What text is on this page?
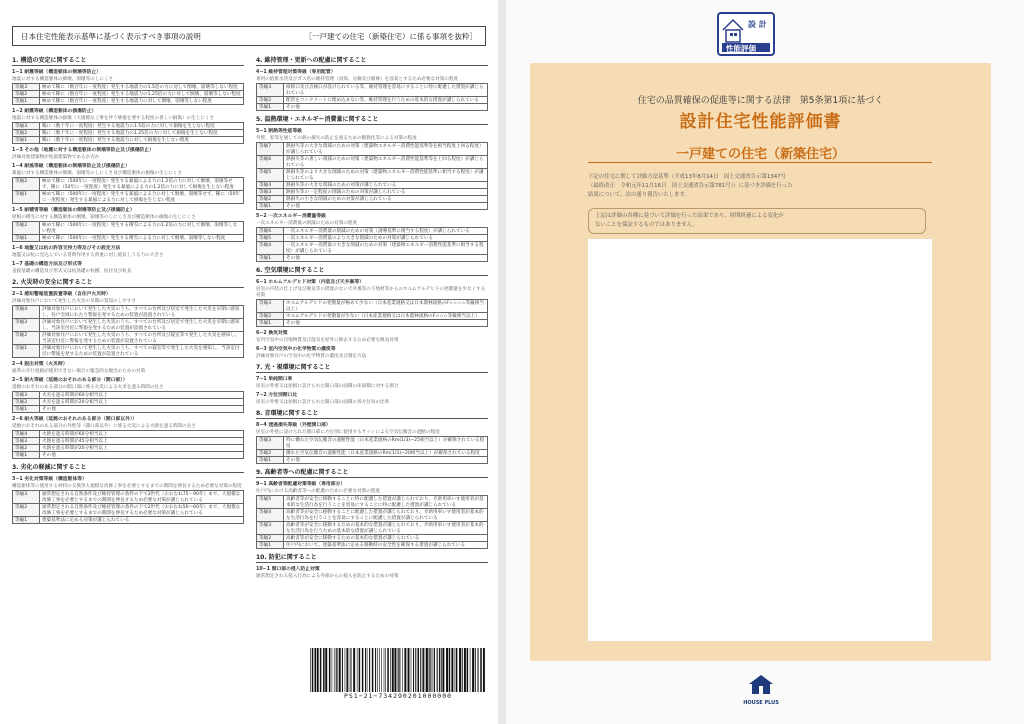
日本住宅性能表示基準に基づく表示すべき事項の説明	［一戸建ての住宅（新築住宅）に係る事項を抜粋］
1. 構造の安定に関すること
1−1 耐震等級（構造躯体の倒壊等防止）
地震に対する構造躯体の倒壊、崩壊等のしにくさ
等級3	極めて稀に（数百年に一度程度）発生する地震力の1.5倍の力に対して倒壊、崩壊等しない程度
等級2	極めて稀に（数百年に一度程度）発生する地震力の1.25倍の力に対して倒壊、崩壊等しない程度
等級1	極めて稀に（数百年に一度程度）発生する地震力に対して倒壊、崩壊等しない程度
1−2 耐震等級（構造躯体の損傷防止）
地震に対する構造躯体の損傷（大規模な工事を伴う修復を要する程度の著しい損傷）の生じにくさ
等級3	稀に（数十年に一度程度）発生する地震力の1.5倍の力に対して損傷を生じない程度
等級2	稀に（数十年に一度程度）発生する地震力の1.25倍の力に対して損傷を生じない程度
等級1	稀に（数十年に一度程度）発生する地震力に対して損傷を生じない程度
1−3 その他（地震に対する構造躯体の倒壊等防止及び損傷防止）
評価対象建築物が免震建築物であるか否か
1−4 耐風等級（構造躯体の倒壊等防止及び損傷防止）
暴風に対する構造躯体の倒壊、崩壊等のしにくさ及び構造躯体の損傷の生じにくさ
等級2	極めて稀に（500年に一度程度）発生する暴風による力の1.2倍の力に対して倒壊、崩壊等せず、稀に（50年に一度程度）発生する暴風による力の1.2倍の力に対して損傷を生じない程度
等級1	極めて稀に（500年に一度程度）発生する暴風による力に対して倒壊、崩壊等せず、稀に（50年に一度程度）発生する暴風による力に対して損傷を生じない程度
1−5 耐積雪等級（構造躯体の倒壊等防止及び損傷防止）
屋根の積雪に対する構造躯体の倒壊、崩壊等のしにくさ及び構造躯体の損傷の生じにくさ
等級2	極めて稀に（500年に一度程度）発生する積雪による力の1.2倍の力に対して倒壊、崩壊等しない程度
等級1	極めて稀に（500年に一度程度）発生する積雪による力に対して倒壊、崩壊等しない程度
1−6 地盤又は杭の許容支持力等及びその設定方法
地盤又は杭に見込んでいる常時作用する荷重に対し抵抗しうる力の大きさ
1−7 基礎の構造方法及び形式等
直接基礎の構造及び形式又は杭基礎の杭種、杭径及び杭長
2. 火災時の安全に関すること
2−1 感知警報装置設置等級（自住戸火災時）
評価対象住戸において発生した火災の早期の覚知のしやすさ
等級4	評価対象住戸において発生した火災のうち、すべての台所及び居室で発生した火災を早期に感知し、住戸全域にわたり警報を発するための装置が設置されている
等級3	評価対象住戸において発生した火災のうち、すべての台所及び居室で発生した火災を早期に感知し、当該室付近に警報を発するための装置が設置されている
等級2	評価対象住戸において発生した火災のうち、すべての台所及び寝室等で発生した火災を感知し、当該室付近に警報を発するための装置が設置されている
等級1	評価対象住戸において発生した火災のうち、すべての寝室等で発生した火災を感知し、当該室付近に警報を発するための装置が設置されている
2−4 脱出対策（火災時）
通常の歩行経路が使用できない場合の緊急的な脱出のための対策
2−5 耐火等級（延焼のおそれのある部分（開口部））
延焼のおそれのある部分の開口部に係る火災による火炎を遮る時間の長さ
等級3	火炎を遮る時間が60分相当以上
等級2	火炎を遮る時間が20分相当以上
等級1	その他
2−6 耐火等級（延焼のおそれのある部分（開口部以外））
延焼のおそれのある部分の外壁等（開口部以外）に係る火災による火熱を遮る時間の長さ
等級4	火熱を遮る時間が60分相当以上
等級3	火熱を遮る時間が45分相当以上
等級2	火熱を遮る時間が20分相当以上
等級1	その他
3. 劣化の軽減に関すること
3−1 劣化対策等級（構造躯体等）
構造躯体等に使用する材料の交換等大規模な改修工事を必要とするまでの期間を伸長するため必要な対策の程度
等級3	通常想定される自然条件及び維持管理の条件の下で3世代（おおむね75〜90年）まで、大規模な改修工事を必要とするまでの期間を伸長するため必要な対策が講じられている
等級2	通常想定される自然条件及び維持管理の条件の下で2世代（おおむね50〜60年）まで、大規模な改修工事を必要とするまでの期間を伸長するため必要な対策が講じられている
等級1	建築基準法に定める対策が講じられている
4. 維持管理・更新への配慮に関すること
4−1 維持管理対策等級（専用配管）
専用の給排水管及びガス管の維持管理（清掃、点検及び補修）を容易とするため必要な対策の程度
等級3	掃除口及び点検口が設けられている等、維持管理を容易にすることに特に配慮した措置が講じられている
等級2	配管をコンクリートに埋め込まない等、維持管理を行うための基本的な措置が講じられている
等級1	その他
5. 温熱環境・エネルギー消費量に関すること
5−1 断熱等性能等級
外壁、窓等を通しての熱の損失の防止を図るための断熱化等による対策の程度
等級7	熱損失等の大きな削減のための対策（建築物エネルギー消費性能基準等を相当程度上回る程度）が講じられている
等級6	熱損失等の著しい削減のための対策（建築物エネルギー消費性能基準等を上回る程度）が講じられている
等級5	熱損失等のより大きな削減のための対策（建築物エネルギー消費性能基準に相当する程度）が講じられている
等級4	熱損失等の大きな削減のための対策が講じられている
等級3	熱損失等の一定程度の削減のための対策が講じられている
等級2	熱損失の小さな削減のための対策が講じられている
等級1	その他
5−2 一次エネルギー消費量等級
一次エネルギー消費量の削減のための対策の程度
等級6	一次エネルギー消費量の削減のための対策（誘導基準に相当する程度）が講じられている
等級5	一次エネルギー消費量のより大きな削減のための対策が講じられている
等級4	一次エネルギー消費量の大きな削減のための対策（建築物エネルギー消費性能基準に相当する程度）が講じられている
等級1	その他
6. 空気環境に関すること
6−1 ホルムアルデヒド対策（内装及び天井裏等）
居室の内装の仕上げ及び換気等の措置のない天井裏等の下地材等からのホルムアルデヒドの発散量を少なくする対策
等級3	ホルムアルデヒドの発散量が極めて少ない（日本産業規格又は日本農林規格のF☆☆☆☆等級相当以上）
等級2	ホルムアルデヒドの発散量が少ない（日本産業規格又は日本農林規格のF☆☆☆等級相当以上）
等級1	その他
6−2 換気対策
室内空気中の汚染物質及び湿気を屋外に除去するため必要な換気対策
6−3 室内空気中の化学物質の濃度等
評価対象住戸の空気中の化学物質の濃度及び測定方法
7. 光・視環境に関すること
7−1 単純開口率
居室の外壁又は屋根に設けられた開口部の面積の床面積に対する割合
7−2 方位別開口比
居室の外壁又は屋根に設けられた開口部の面積の各方位毎の比率
8. 音環境に関すること
8−4 透過損失等級（外壁開口部）
居室の外壁に設けられた開口部に方位別に使用するサッシによる空気伝搬音の遮断の程度
等級3	特に優れた空気伝搬音の遮断性能（日本産業規格のRm(1/3)−25相当以上）が確保されている程度
等級2	優れた空気伝搬音の遮断性能（日本産業規格のRm(1/3)−20相当以上）が確保されている程度
等級1	その他
9. 高齢者等への配慮に関すること
9−1 高齢者等配慮対策等級（専用部分）
住戸内における高齢者等への配慮のために必要な対策の程度
等級5	高齢者等が安全に移動することに特に配慮した措置が講じられており、介助用車いす使用者が基本的な生活行為を行うことを容易にすることに特に配慮した措置が講じられている
等級4	高齢者等が安全に移動することに配慮した措置が講じられており、介助用車いす使用者が基本的な生活行為を行うことを容易にすることに配慮した措置が講じられている
等級3	高齢者等が安全に移動するための基本的な措置が講じられており、介助用車いす使用者が基本的な生活行為を行うための基本的な措置が講じられている
等級2	高齢者等が安全に移動するための基本的な措置が講じられている
等級1	住戸内において、建築基準法に定める移動時の安全性を確保する措置が講じられている
10. 防犯に関すること
10−1 開口部の侵入防止対策
通常想定される侵入行為による外部からの侵入を防止するための対策
PS1−21−734290201000000
設 計
性能評価
住宅の品質確保の促進等に関する法律　第5条第1項に基づく
設計住宅性能評価書
一戸建ての住宅（新築住宅）
下記の住宅に関して評価方法基準（平成13年8月14日　国土交通省告示第1347号
（最終改正　令和元年11月16日　国土交通省告示第781号））に基づき評価を行った
結果について、次の通り報告いたします。
上記は評価の各種に基づいて評価を行った結果であり、時間経過による変化が
ないことを保証するものではありません。
HOUSE PLUS
